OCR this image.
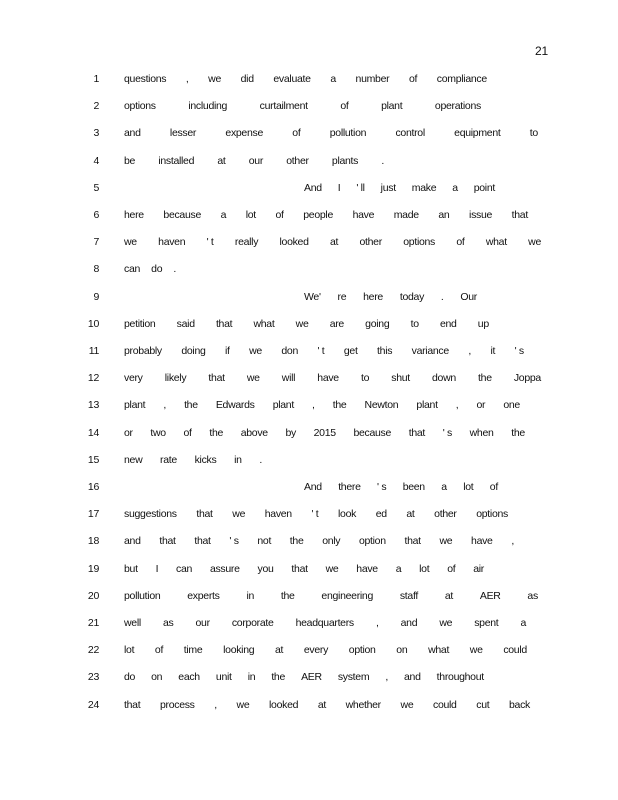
21
1 questions , we did evaluate a number of compliance
2 options	including	curtailment	of	plant	operations
3 and	lesser	expense	of	pollution	control	equipment	to
4 be installed at our other plants .
5	And I ' ll just make a point
6 here because a lot of people have made an issue that
7 we haven ' t really looked at other options of what we
8 can do .
9	We' re here today . Our
10 petition said that what we are going to end up
11 probably doing if we don ' t get this variance , it ' s
12 very likely that we will have to shut down the Joppa
13 plant , the Edwards plant , the Newton plant , or one
14 or two of the above by 2015 because that ' s when the
15 new rate kicks in .
16	And there ' s been a lot of
17 suggestions that we haven ' t look ed at other options
18 and that that ' s not the only option that we have ,
19 but I can assure you that we have a lot of air
20 pollution	experts	in	the	engineering	staff	at	AER	as
21 well as our corporate headquarters , and we spent a
22 lot of time looking at every option on what we could
23 do on each unit in the AER system , and throughout
24 that process , we looked at whether we could cut back
